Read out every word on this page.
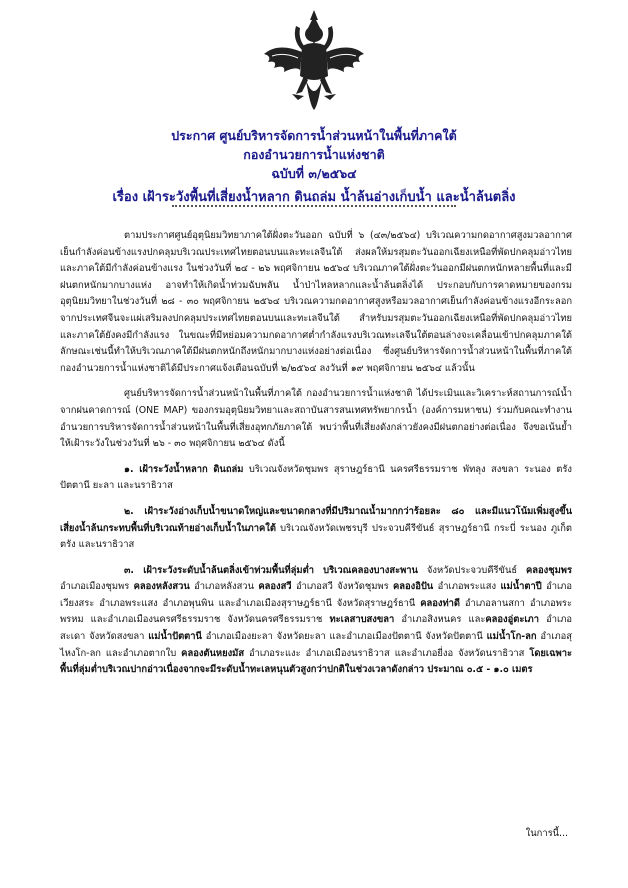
ประกาศ ศูนย์บริหารจัดการน้ำส่วนหน้าในพื้นที่ภาคใต้
กองอำนวยการน้ำแห่งชาติ
ฉบับที่ ๓/๒๕๖๔
เรื่อง เฝ้าระวังพื้นที่เสี่ยงน้ำหลาก ดินถล่ม น้ำล้นอ่างเก็บน้ำ และน้ำล้นตลิ่ง

ตามประกาศศูนย์อุตุนิยมวิทยาภาคใต้ฝั่งตะวันออก ฉบับที่ ๖ (๔๓/๒๕๖๔) บริเวณความกดอากาศสูงมวลอากาศเย็นกำลังค่อนข้างแรงปกคลุมบริเวณประเทศไทยตอนบนและทะเลจีนใต้ ส่งผลให้มรสุมตะวันออกเฉียงเหนือที่พัดปกคลุมอ่าวไทยและภาคใต้มีกำลังค่อนข้างแรง ในช่วงวันที่ ๒๔ - ๒๖ พฤศจิกายน ๒๕๖๔ บริเวณภาคใต้ฝั่งตะวันออกมีฝนตกหนักหลายพื้นที่และมีฝนตกหนักมากบางแห่ง อาจทำให้เกิดน้ำท่วมฉับพลัน น้ำป่าไหลหลากและน้ำล้นตลิ่งได้ ประกอบกับการคาดหมายของกรมอุตุนิยมวิทยาในช่วงวันที่ ๒๘ - ๓๐ พฤศจิกายน ๒๕๖๔ บริเวณความกดอากาศสูงหรือมวลอากาศเย็นกำลังค่อนข้างแรงอีกระลอกจากประเทศจีนจะแผ่เสริมลงปกคลุมประเทศไทยตอนบนและทะเลจีนใต้ สำหรับมรสุมตะวันออกเฉียงเหนือที่พัดปกคลุมอ่าวไทยและภาคใต้ยังคงมีกำลังแรง ในขณะที่มีหย่อมความกดอากาศต่ำกำลังแรงบริเวณทะเลจีนใต้ตอนล่างจะเคลื่อนเข้าปกคลุมภาคใต้ ลักษณะเช่นนี้ทำให้บริเวณภาคใต้มีฝนตกหนักถึงหนักมากบางแห่งอย่างต่อเนื่อง ซึ่งศูนย์บริหารจัดการน้ำส่วนหน้าในพื้นที่ภาคใต้ กองอำนวยการน้ำแห่งชาติได้มีประกาศแจ้งเตือนฉบับที่ ๒/๒๕๖๔ ลงวันที่ ๑๙ พฤศจิกายน ๒๕๖๔ แล้วนั้น

ศูนย์บริหารจัดการน้ำส่วนหน้าในพื้นที่ภาคใต้ กองอำนวยการน้ำแห่งชาติ ได้ประเมินและวิเคราะห์สถานการณ์น้ำจากฝนคาดการณ์ (ONE MAP) ของกรมอุตุนิยมวิทยาและสถาบันสารสนเทศทรัพยากรน้ำ (องค์การมหาชน) ร่วมกับคณะทำงานอำนวยการบริหารจัดการน้ำส่วนหน้าในพื้นที่เสี่ยงอุทกภัยภาคใต้ พบว่าพื้นที่เสี่ยงดังกล่าวยังคงมีฝนตกอย่างต่อเนื่อง จึงขอเน้นย้ำให้เฝ้าระวังในช่วงวันที่ ๒๖ - ๓๐ พฤศจิกายน ๒๕๖๔ ดังนี้

๑. เฝ้าระวังน้ำหลาก ดินถล่ม บริเวณจังหวัดชุมพร สุราษฎร์ธานี นครศรีธรรมราช พัทลุง สงขลา ระนอง ตรัง ปัตตานี ยะลา และนราธิวาส

๒. เฝ้าระวังอ่างเก็บน้ำขนาดใหญ่และขนาดกลางที่มีปริมาณน้ำมากกว่าร้อยละ ๘๐ และมีแนวโน้มเพิ่มสูงขึ้น เสี่ยงน้ำล้นกระทบพื้นที่บริเวณท้ายอ่างเก็บน้ำในภาคใต้ บริเวณจังหวัดเพชรบุรี ประจวบคีรีขันธ์ สุราษฎร์ธานี กระบี่ ระนอง ภูเก็ต ตรัง และนราธิวาส

๓. เฝ้าระวังระดับน้ำล้นตลิ่งเข้าท่วมพื้นที่ลุ่มต่ำ บริเวณคลองบางสะพาน จังหวัดประจวบคีรีขันธ์ คลองชุมพร อำเภอเมืองชุมพร คลองหลังสวน อำเภอหลังสวน คลองสวี อำเภอสวี จังหวัดชุมพร คลองอิปัน อำเภอพระแสง แม่น้ำตาปี อำเภอเวียงสระ อำเภอพระแสง อำเภอพุนพิน และอำเภอเมืองสุราษฎร์ธานี จังหวัดสุราษฎร์ธานี คลองท่าดี อำเภอลานสกา อำเภอพระพรหม และอำเภอเมืองนครศรีธรรมราช จังหวัดนครศรีธรรมราช ทะเลสาบสงขลา อำเภอสิงหนคร และคลองอู่ตะเภา อำเภอสะเดา จังหวัดสงขลา แม่น้ำปัตตานี อำเภอเมืองยะลา จังหวัดยะลา และอำเภอเมืองปัตตานี จังหวัดปัตตานี แม่น้ำโก-ลก อำเภอสุไหงโก-ลก และอำเภอตากใบ คลองตันหยงมัส อำเภอระแงะ อำเภอเมืองนราธิวาส และอำเภอยี่งอ จังหวัดนราธิวาส โดยเฉพาะพื้นที่ลุ่มต่ำบริเวณปากอ่าวเนื่องจากจะมีระดับน้ำทะเลหนุนตัวสูงกว่าปกติในช่วงเวลาดังกล่าว ประมาณ ๐.๕ - ๑.๐ เมตร

ในการนี้...
